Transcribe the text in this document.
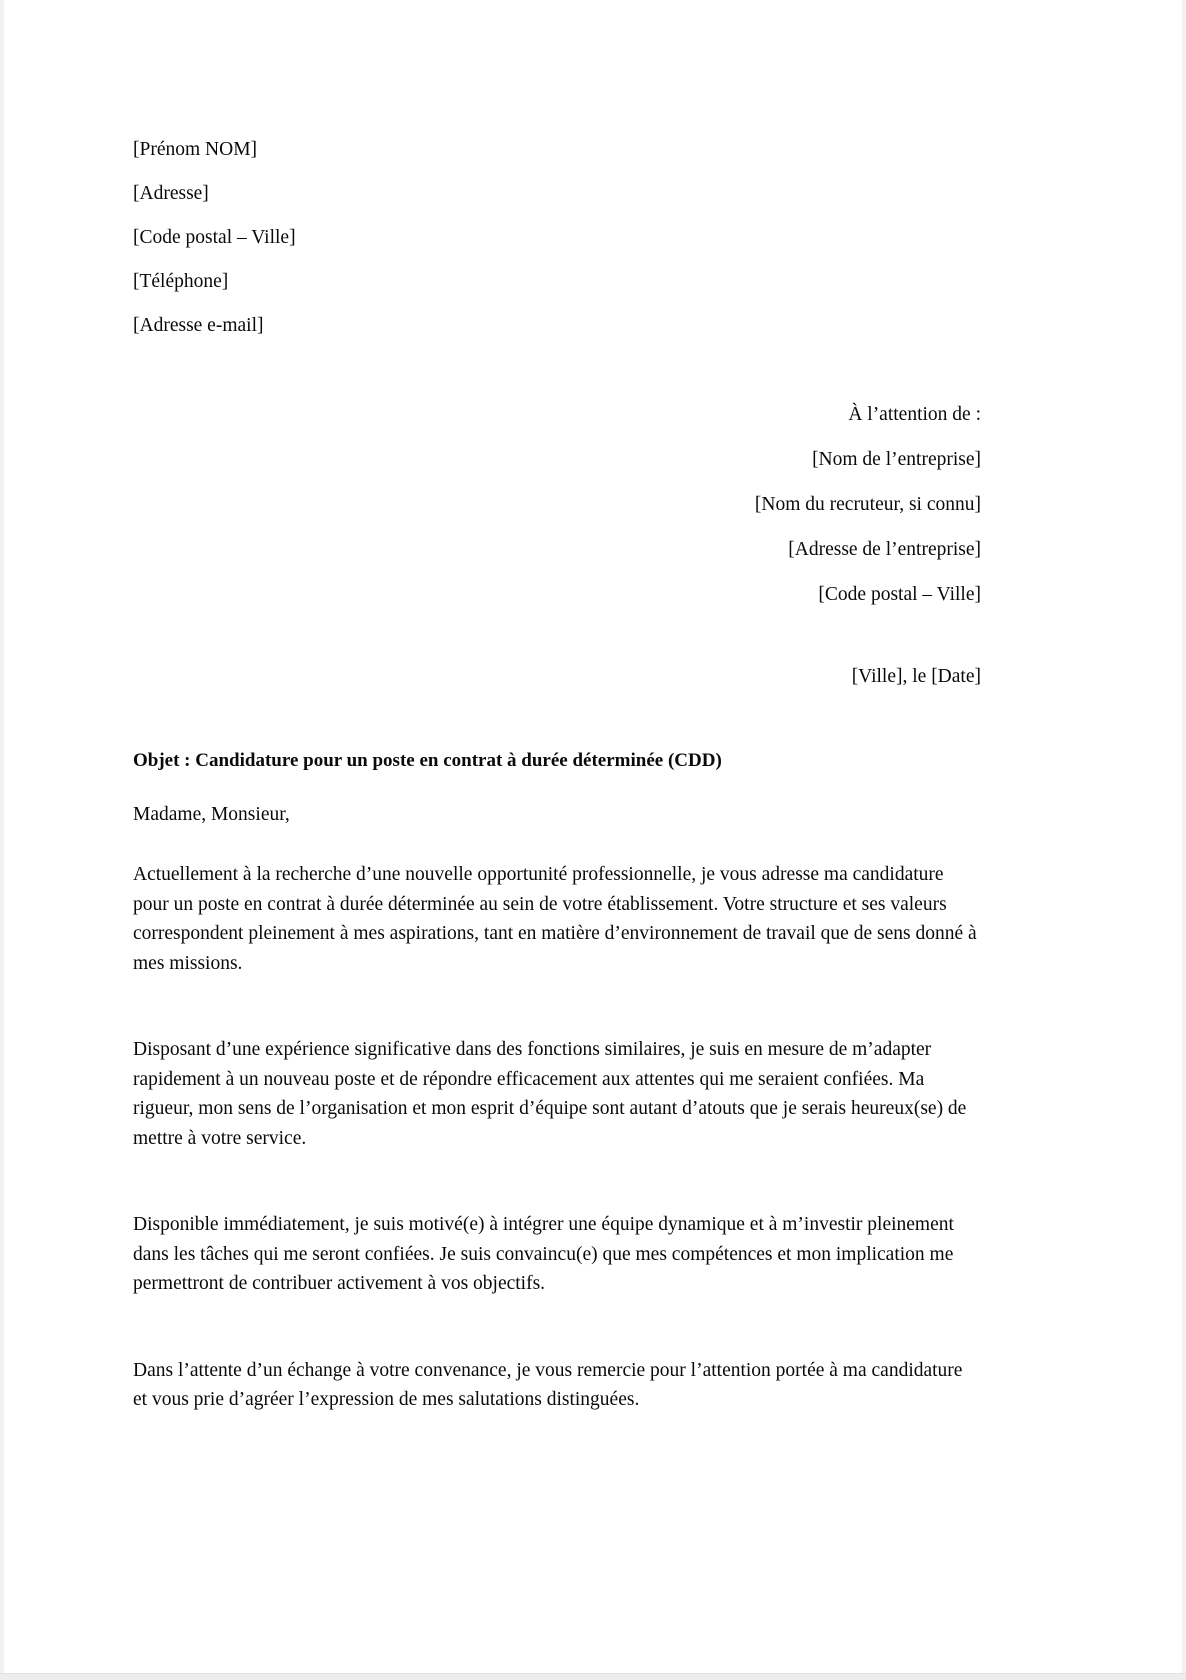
[Prénom NOM]
[Adresse]
[Code postal – Ville]
[Téléphone]
[Adresse e-mail]
À l’attention de :
[Nom de l’entreprise]
[Nom du recruteur, si connu]
[Adresse de l’entreprise]
[Code postal – Ville]
[Ville], le [Date]

Objet : Candidature pour un poste en contrat à durée déterminée (CDD)

Madame, Monsieur,

Actuellement à la recherche d’une nouvelle opportunité professionnelle, je vous adresse ma candidature pour un poste en contrat à durée déterminée au sein de votre établissement. Votre structure et ses valeurs correspondent pleinement à mes aspirations, tant en matière d’environnement de travail que de sens donné à mes missions.

Disposant d’une expérience significative dans des fonctions similaires, je suis en mesure de m’adapter rapidement à un nouveau poste et de répondre efficacement aux attentes qui me seraient confiées. Ma rigueur, mon sens de l’organisation et mon esprit d’équipe sont autant d’atouts que je serais heureux(se) de mettre à votre service.

Disponible immédiatement, je suis motivé(e) à intégrer une équipe dynamique et à m’investir pleinement dans les tâches qui me seront confiées. Je suis convaincu(e) que mes compétences et mon implication me permettront de contribuer activement à vos objectifs.

Dans l’attente d’un échange à votre convenance, je vous remercie pour l’attention portée à ma candidature et vous prie d’agréer l’expression de mes salutations distinguées.
